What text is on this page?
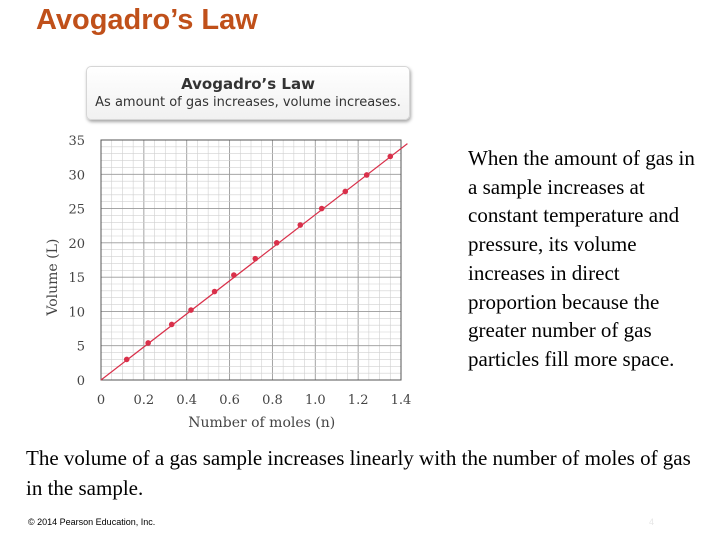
Avogadro’s Law
Avogadro’s Law
As amount of gas increases, volume increases.
0 0.2 0.4 0.6 0.8 1.0 1.2 1.4
0
5
10
15
20
25
30
35
Number of moles (n)
Volume (L)
When the amount of gas in a sample increases at constant temperature and pressure, its volume increases in direct proportion because the greater number of gas particles fill more space.
The volume of a gas sample increases linearly with the number of moles of gas in the sample.
© 2014 Pearson Education, Inc.	4
